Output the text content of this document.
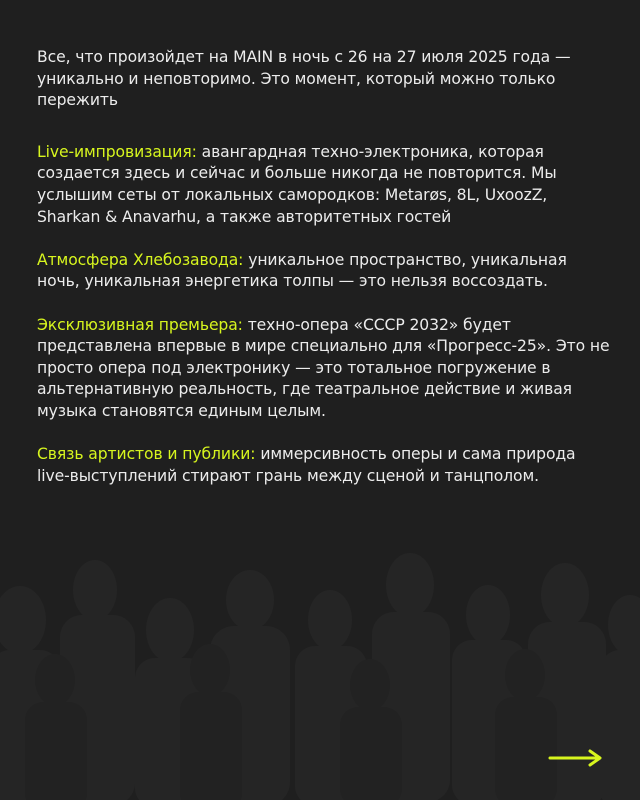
Все, что произойдет на MAIN в ночь с 26 на 27 июля 2025 года — уникально и неповторимо. Это момент, который можно только пережить

Live-импровизация: авангардная техно-электроника, которая создается здесь и сейчас и больше никогда не повторится. Мы услышим сеты от локальных самородков: Metarøs, 8L, UxoozZ, Sharkan & Anavarhu, а также авторитетных гостей

Атмосфера Хлебозавода: уникальное пространство, уникальная ночь, уникальная энергетика толпы — это нельзя воссоздать.

Эксклюзивная премьера: техно-опера «СССР 2032» будет представлена впервые в мире специально для «Прогресс-25». Это не просто опера под электронику — это тотальное погружение в альтернативную реальность, где театральное действие и живая музыка становятся единым целым.

Связь артистов и публики: иммерсивность оперы и сама природа live-выступлений стирают грань между сценой и танцполом.
